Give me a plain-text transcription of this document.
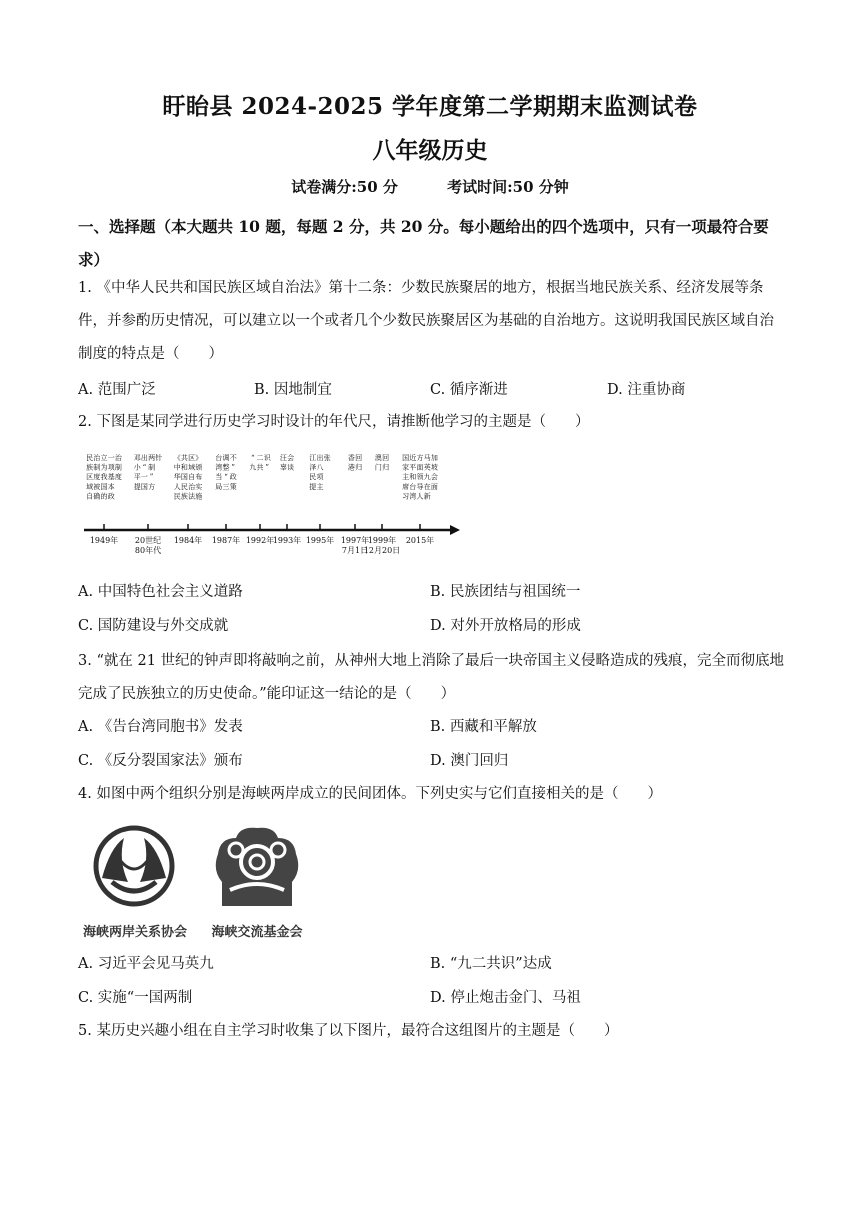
盱眙县 2024-2025 学年度第二学期期末监测试卷
八年级历史
试卷满分:50 分	考试时间:50 分钟
一、选择题（本大题共 10 题，每题 2 分，共 20 分。每小题给出的四个选项中，只有一项最符合要求）
1. 《中华人民共和国民族区域自治法》第十二条：少数民族聚居的地方，根据当地民族关系、经济发展等条件，并参酌历史情况，可以建立以一个或者几个少数民族聚居区为基础的自治地方。这说明我国民族区域自治制度的特点是（　　）
A. 范围广泛	B. 因地制宜	C. 循序渐进	D. 注重协商
2. 下图是某同学进行历史学习时设计的年代尺，请推断他学习的主题是（　　）
民族区域自
治制度被确
立为我国的
一项基本政
治制度
1949年
邓小平提
出“一国
两制”方
针
20世纪 80年代
《中华人民
共和国民族
区域自治法
》颁布实施
1984年
台湾当局
调整“三
不”政策
1987年
“九
二共
识”
1992年
汪辜
会谈
1993年
江泽民提
出八项主
张
1995年
香港
回归
1997年 7月1日
澳门
回归
1999年 12月20日
国家主席习
近平和台湾
方面领导人
马英九在新
加坡会面
2015年
A. 中国特色社会主义道路	B. 民族团结与祖国统一
C. 国防建设与外交成就	D. 对外开放格局的形成
3. “就在 21 世纪的钟声即将敲响之前，从神州大地上消除了最后一块帝国主义侵略造成的残痕，完全而彻底地完成了民族独立的历史使命。”能印证这一结论的是（　　）
A. 《告台湾同胞书》发表	B. 西藏和平解放
C. 《反分裂国家法》颁布	D. 澳门回归
4. 如图中两个组织分别是海峡两岸成立的民间团体。下列史实与它们直接相关的是（　　）
海峡两岸关系协会	海峡交流基金会
A. 习近平会见马英九	B. “九二共识”达成
C. 实施“一国两制	D. 停止炮击金门、马祖
5. 某历史兴趣小组在自主学习时收集了以下图片，最符合这组图片的主题是（　　）
